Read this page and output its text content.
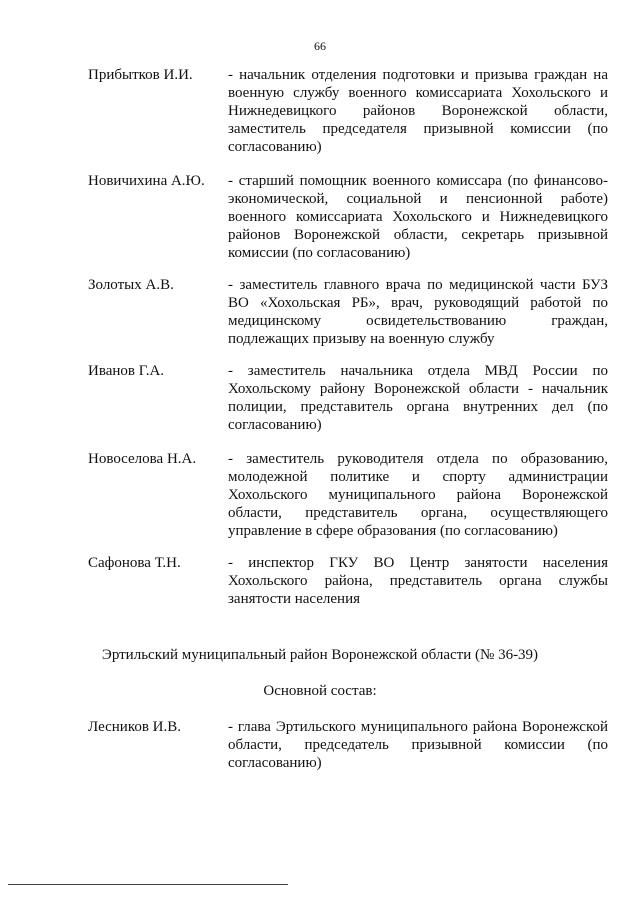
66
Прибытков И.И.	- начальник отделения подготовки и призыва граждан на военную службу военного комиссариата Хохольского и Нижнедевицкого районов Воронежской области, заместитель председателя призывной комиссии (по согласованию)
Новичихина А.Ю.	- старший помощник военного комиссара (по финансово-экономической, социальной и пенсионной работе) военного комиссариата Хохольского и Нижнедевицкого районов Воронежской области, секретарь призывной комиссии (по согласованию)
Золотых А.В.	- заместитель главного врача по медицинской части БУЗ ВО «Хохольская РБ», врач, руководящий работой по медицинскому освидетельствованию граждан, подлежащих призыву на военную службу
Иванов Г.А.	- заместитель начальника отдела МВД России по Хохольскому району Воронежской области - начальник полиции, представитель органа внутренних дел (по согласованию)
Новоселова Н.А.	- заместитель руководителя отдела по образованию, молодежной политике и спорту администрации Хохольского муниципального района Воронежской области, представитель органа, осуществляющего управление в сфере образования (по согласованию)
Сафонова Т.Н.	- инспектор ГКУ ВО Центр занятости населения Хохольского района, представитель органа службы занятости населения
Эртильский муниципальный район Воронежской области (№ 36-39)
Основной состав:
Лесников И.В.	- глава Эртильского муниципального района Воронежской области, председатель призывной комиссии (по согласованию)
